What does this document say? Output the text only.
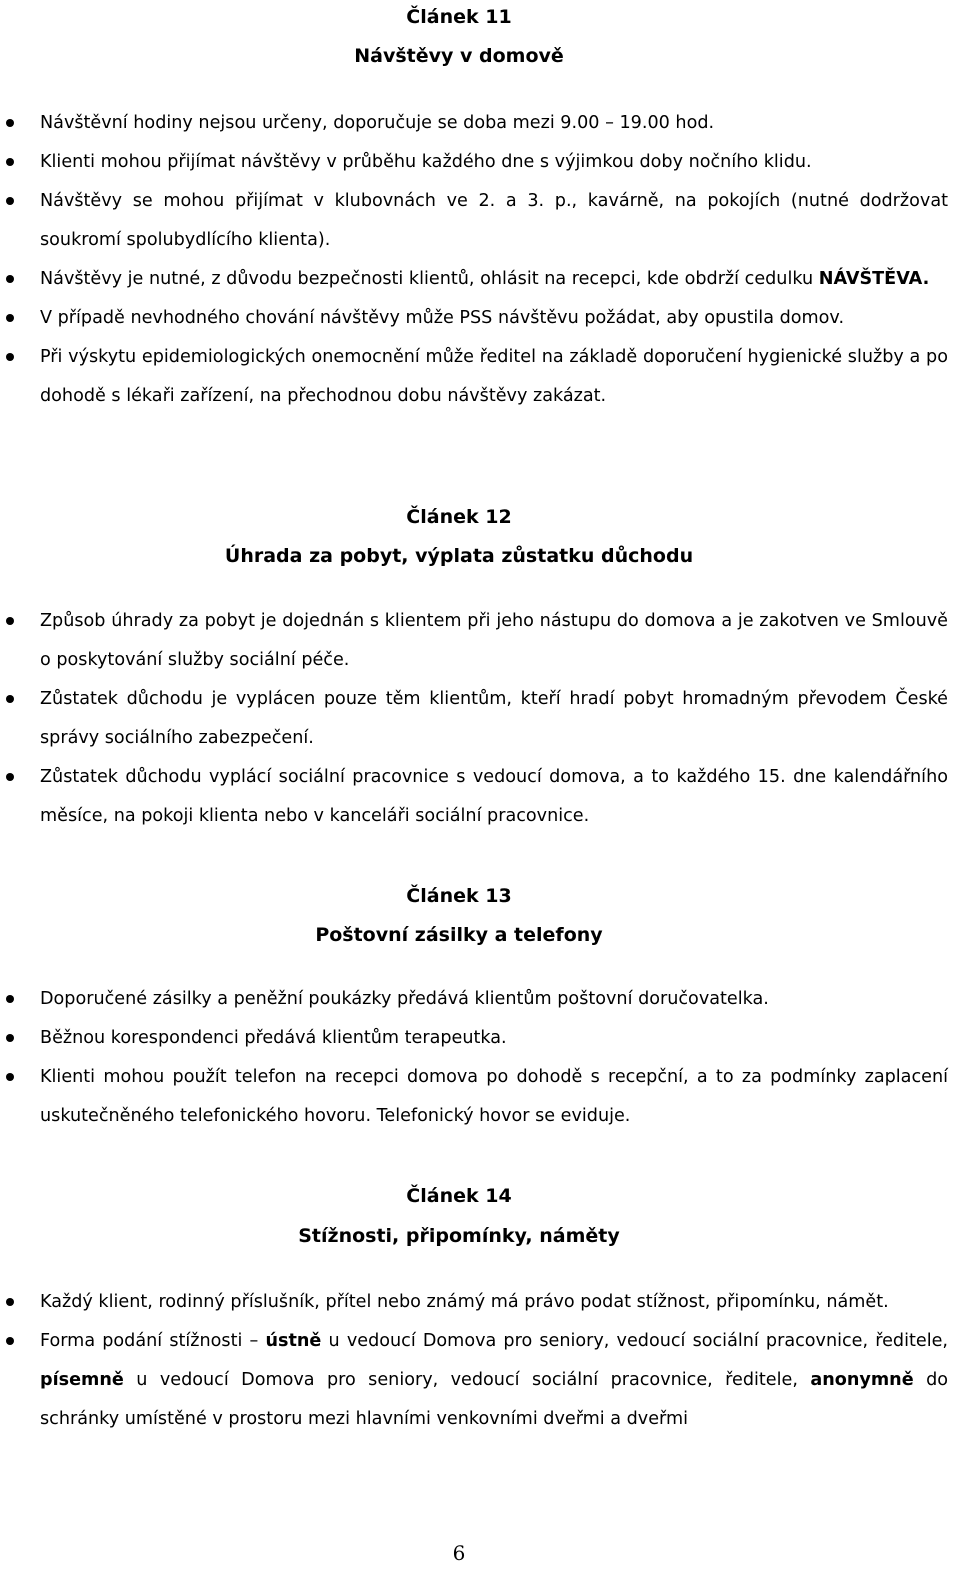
Článek 11
Návštěvy v domově
Návštěvní hodiny nejsou určeny, doporučuje se doba mezi 9.00 – 19.00 hod.
Klienti mohou přijímat návštěvy v průběhu každého dne s výjimkou doby nočního klidu.
Návštěvy se mohou přijímat v klubovnách ve 2. a 3. p., kavárně, na pokojích (nutné dodržovat soukromí spolubydlícího klienta).
Návštěvy je nutné, z důvodu bezpečnosti klientů, ohlásit na recepci, kde obdrží cedulku NÁVŠTĚVA.
V případě nevhodného chování návštěvy může PSS návštěvu požádat, aby opustila domov.
Při výskytu epidemiologických onemocnění může ředitel na základě doporučení hygienické služby a po dohodě s lékaři zařízení, na přechodnou dobu návštěvy zakázat.
Článek 12
Úhrada za pobyt, výplata zůstatku důchodu
Způsob úhrady za pobyt je dojednán s klientem při jeho nástupu do domova a je zakotven ve Smlouvě o poskytování služby sociální péče.
Zůstatek důchodu je vyplácen pouze těm klientům, kteří hradí pobyt hromadným převodem České správy sociálního zabezpečení.
Zůstatek důchodu vyplácí sociální pracovnice s vedoucí domova, a to každého 15. dne kalendářního měsíce, na pokoji klienta nebo v kanceláři sociální pracovnice.
Článek 13
Poštovní zásilky a telefony
Doporučené zásilky a peněžní poukázky předává klientům poštovní doručovatelka.
Běžnou korespondenci předává klientům terapeutka.
Klienti mohou použít telefon na recepci domova po dohodě s recepční, a to za podmínky zaplacení uskutečněného telefonického hovoru. Telefonický hovor se eviduje.
Článek 14
Stížnosti, připomínky, náměty
Každý klient, rodinný příslušník, přítel nebo známý má právo podat stížnost, připomínku, námět.
Forma podání stížnosti – ústně u vedoucí Domova pro seniory, vedoucí sociální pracovnice, ředitele, písemně u vedoucí Domova pro seniory, vedoucí sociální pracovnice, ředitele, anonymně do schránky umístěné v prostoru mezi hlavními venkovními dveřmi a dveřmi
6
